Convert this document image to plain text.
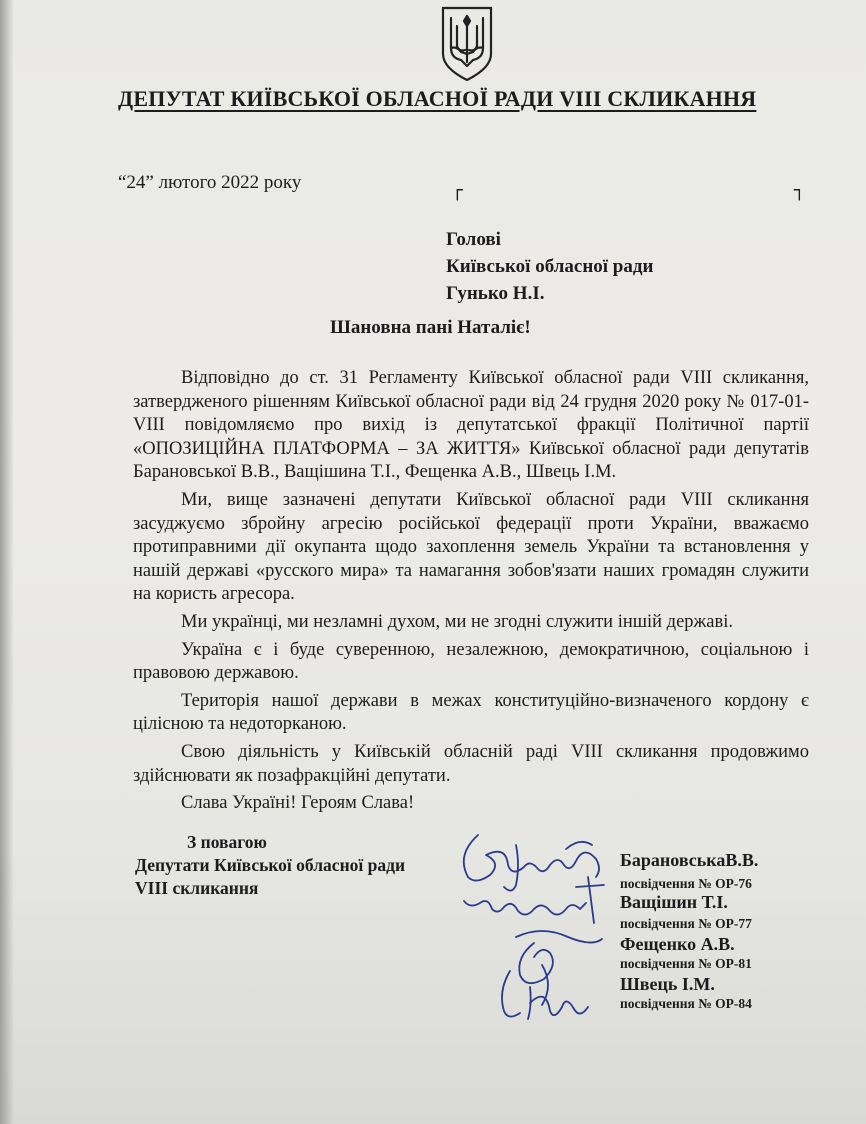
ДЕПУТАТ КИЇВСЬКОЇ ОБЛАСНОЇ РАДИ VIII СКЛИКАННЯ
“24” лютого 2022 року	┌	┐
Голові
Київської обласної ради
Гунько Н.І.
Шановна пані Наталіє!

Відповідно до ст. 31 Регламенту Київської обласної ради VIII скликання, затвердженого рішенням Київської обласної ради від 24 грудня 2020 року № 017-01-VIII повідомляємо про вихід із депутатської фракції Політичної партії «ОПОЗИЦІЙНА ПЛАТФОРМА – ЗА ЖИТТЯ» Київської обласної ради депутатів Барановської В.В., Ващішина Т.І., Фещенка А.В., Швець І.М.

Ми, вище зазначені депутати Київської обласної ради VIII скликання засуджуємо збройну агресію російської федерації проти України, вважаємо протиправними дії окупанта щодо захоплення земель України та встановлення у нашій державі «русского мира» та намагання зобов'язати наших громадян служити на користь агресора.

Ми українці, ми незламні духом, ми не згодні служити іншій державі.

Україна є і буде суверенною, незалежною, демократичною, соціальною і правовою державою.

Територія нашої держави в межах конституційно-визначеного кордону є цілісною та недоторканою.

Свою діяльність у Київській обласній раді VIII скликання продовжимо здійснювати як позафракційні депутати.

Слава Україні! Героям Слава!

З повагою
Депутати Київської обласної ради
VIII скликання
БарановськаВ.В.
посвідчення № ОР-76
Ващішин Т.І.
посвідчення № ОР-77
Фещенко А.В.
посвідчення № ОР-81
Швець І.М.
посвідчення № ОР-84
